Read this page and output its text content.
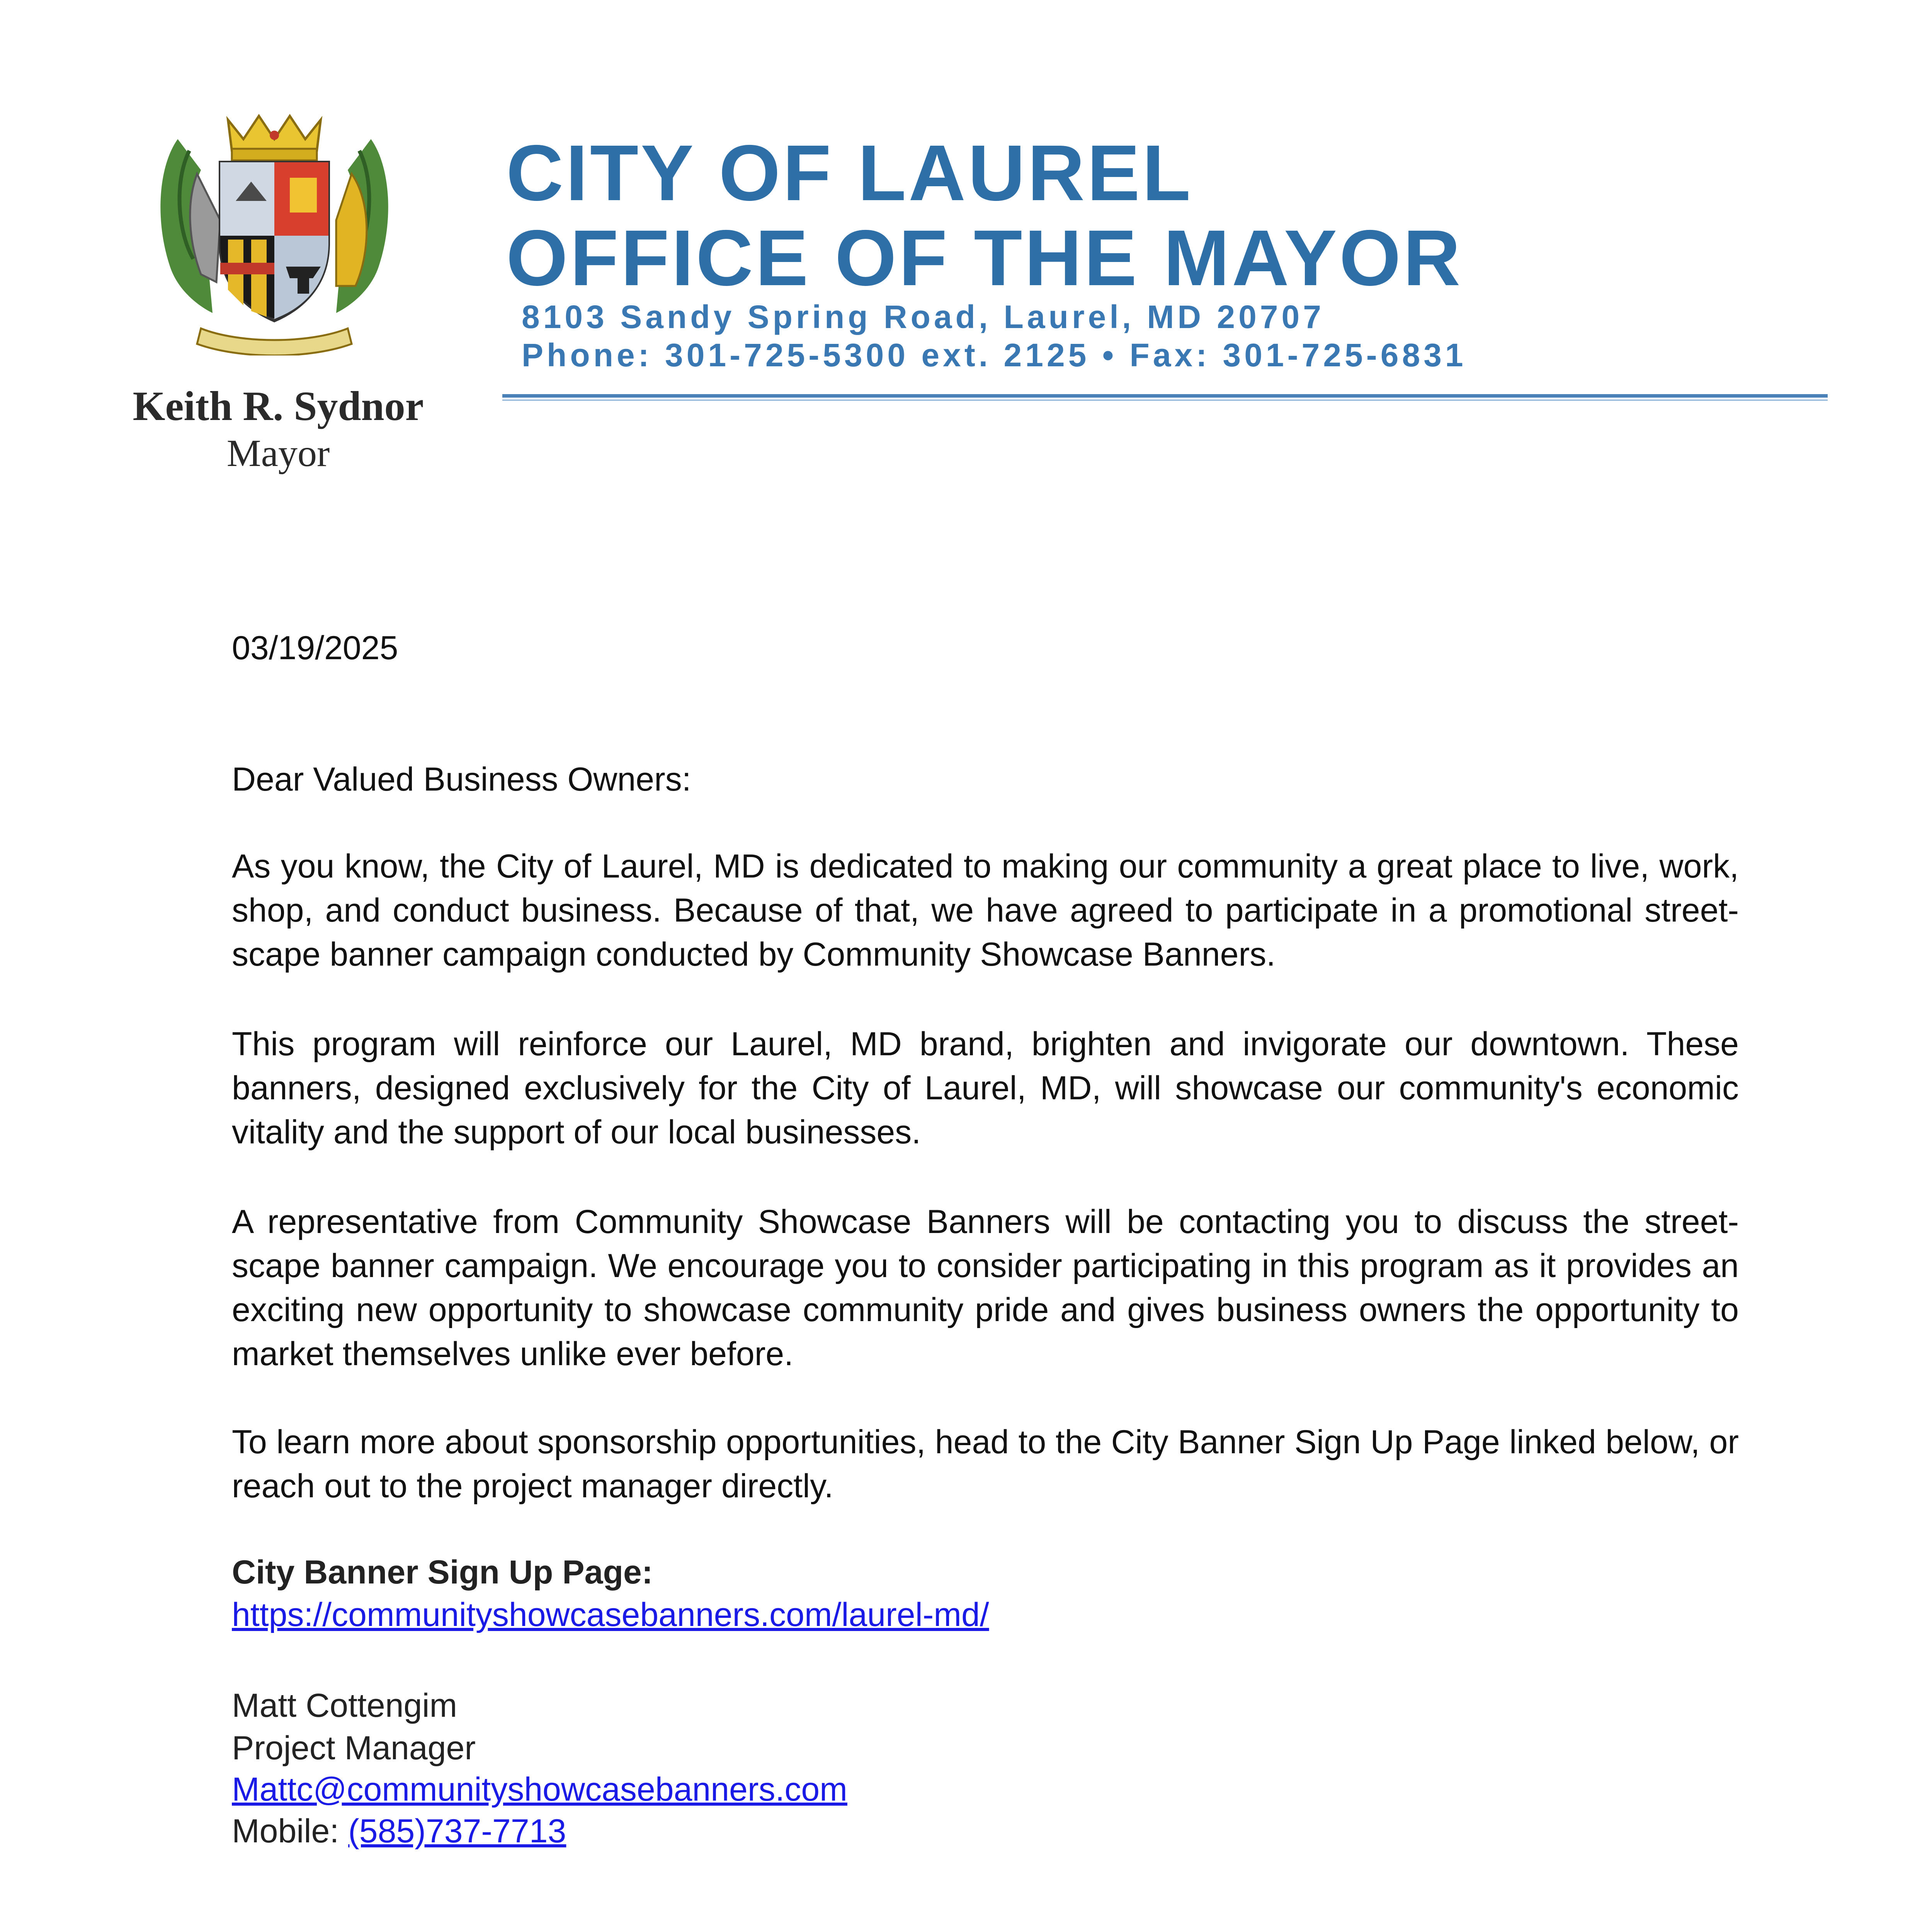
Keith R. Sydnor
Mayor
CITY OF LAUREL
OFFICE OF THE MAYOR
8103 Sandy Spring Road, Laurel, MD 20707
Phone: 301-725-5300 ext. 2125 • Fax: 301-725-6831
03/19/2025
Dear Valued Business Owners:
As you know, the City of Laurel, MD is dedicated to making our community a great place to live, work, shop, and conduct business. Because of that, we have agreed to participate in a promotional street-scape banner campaign conducted by Community Showcase Banners.
This program will reinforce our Laurel, MD brand, brighten and invigorate our downtown. These banners, designed exclusively for the City of Laurel, MD, will showcase our community's economic vitality and the support of our local businesses.
A representative from Community Showcase Banners will be contacting you to discuss the street-scape banner campaign. We encourage you to consider participating in this program as it provides an exciting new opportunity to showcase community pride and gives business owners the opportunity to market themselves unlike ever before.
To learn more about sponsorship opportunities, head to the City Banner Sign Up Page linked below, or reach out to the project manager directly.
City Banner Sign Up Page:
https://communityshowcasebanners.com/laurel-md/
Matt Cottengim
Project Manager
Mattc@communityshowcasebanners.com
Mobile: (585)737-7713
